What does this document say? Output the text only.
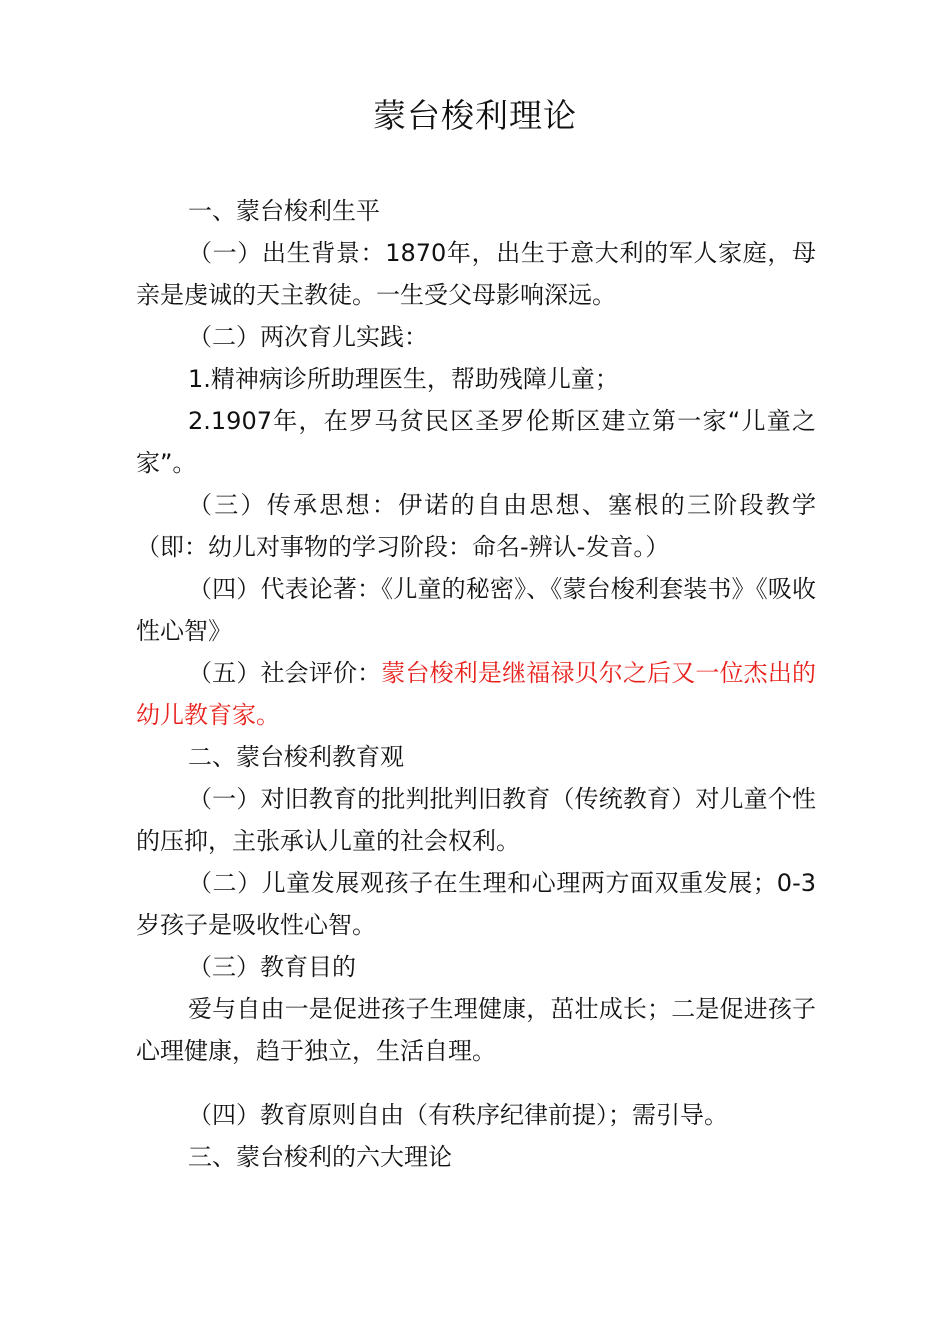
蒙台梭利理论

一、蒙台梭利生平

（一）出生背景：1870年，出生于意大利的军人家庭，母亲是虔诚的天主教徒。一生受父母影响深远。

（二）两次育儿实践：

1.精神病诊所助理医生，帮助残障儿童；

2.1907年，在罗马贫民区圣罗伦斯区建立第一家“儿童之家”。

（三）传承思想：伊诺的自由思想、塞根的三阶段教学（即：幼儿对事物的学习阶段：命名-辨认-发音。）

（四）代表论著：《儿童的秘密》、《蒙台梭利套装书》《吸收性心智》

（五）社会评价：蒙台梭利是继福禄贝尔之后又一位杰出的幼儿教育家。

二、蒙台梭利教育观

（一）对旧教育的批判批判旧教育（传统教育）对儿童个性的压抑，主张承认儿童的社会权利。

（二）儿童发展观孩子在生理和心理两方面双重发展；0-3岁孩子是吸收性心智。

（三）教育目的

爱与自由一是促进孩子生理健康，茁壮成长；二是促进孩子心理健康，趋于独立，生活自理。

（四）教育原则自由（有秩序纪律前提）；需引导。

三、蒙台梭利的六大理论
